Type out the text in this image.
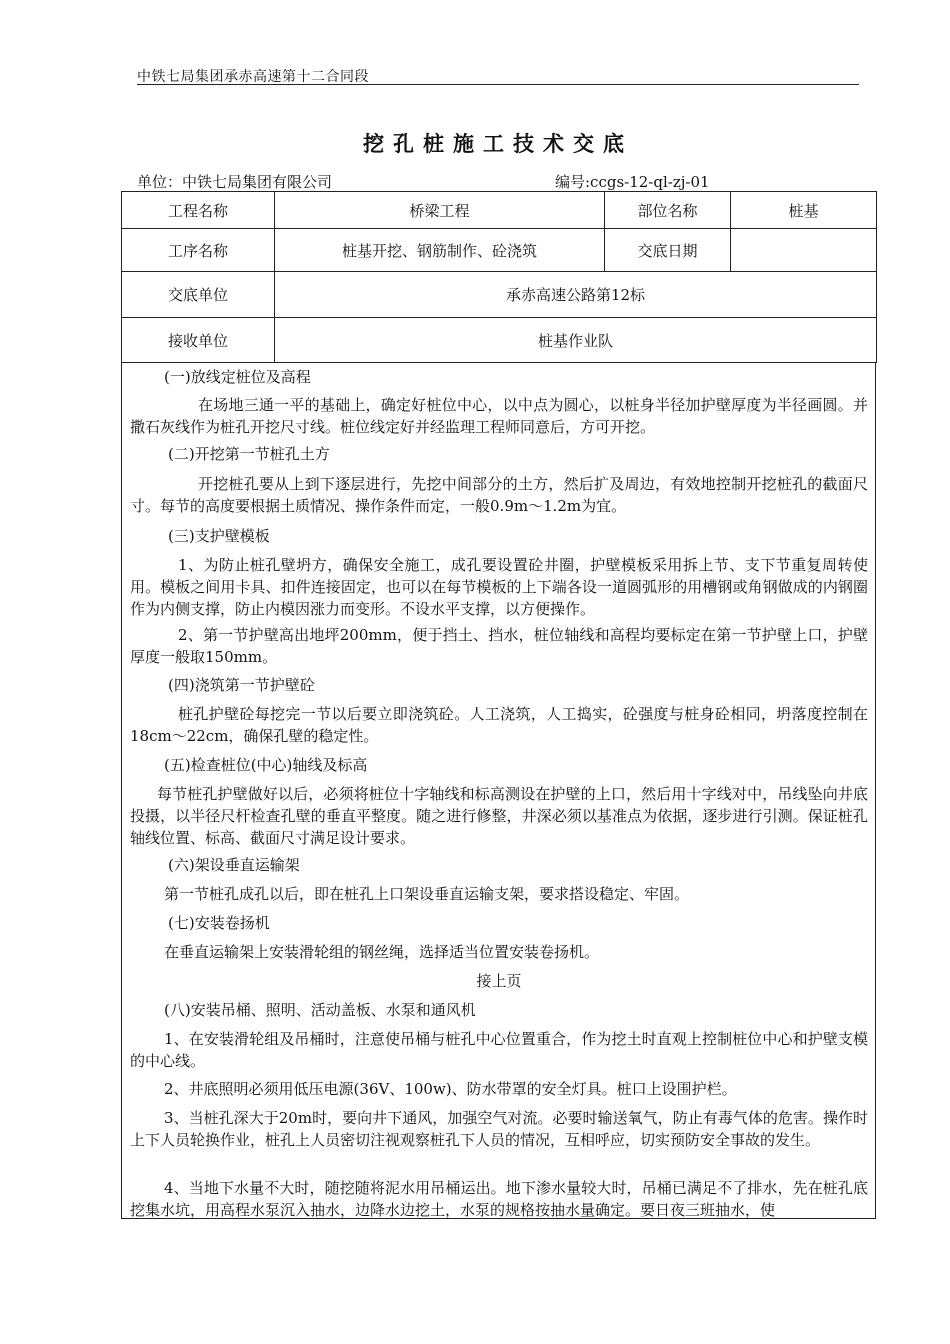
中铁七局集团承赤高速第十二合同段
挖孔桩施工技术交底
单位：中铁七局集团有限公司	编号:ccgs-12-ql-zj-01
工程名称	桥梁工程	部位名称	桩基
工序名称	桩基开挖、钢筋制作、砼浇筑	交底日期	
交底单位	承赤高速公路第12标		
接收单位	桩基作业队		

(一)放线定桩位及高程

在场地三通一平的基础上，确定好桩位中心，以中点为圆心，以桩身半径加护壁厚度为半径画圆。并撒石灰线作为桩孔开挖尺寸线。桩位线定好并经监理工程师同意后，方可开挖。

(二)开挖第一节桩孔土方

开挖桩孔要从上到下逐层进行，先挖中间部分的土方，然后扩及周边，有效地控制开挖桩孔的截面尺寸。每节的高度要根据土质情况、操作条件而定，一般0.9m～1.2m为宜。

(三)支护壁模板

1、为防止桩孔壁坍方，确保安全施工，成孔要设置砼井圈，护壁模板采用拆上节、支下节重复周转使用。模板之间用卡具、扣件连接固定，也可以在每节模板的上下端各设一道圆弧形的用槽钢或角钢做成的内钢圈作为内侧支撑，防止内模因涨力而变形。不设水平支撑，以方便操作。

2、第一节护壁高出地坪200mm，便于挡土、挡水，桩位轴线和高程均要标定在第一节护壁上口，护壁厚度一般取150mm。

(四)浇筑第一节护壁砼

桩孔护壁砼每挖完一节以后要立即浇筑砼。人工浇筑，人工捣实，砼强度与桩身砼相同，坍落度控制在18cm～22cm，确保孔壁的稳定性。

(五)检查桩位(中心)轴线及标高

每节桩孔护壁做好以后，必须将桩位十字轴线和标高测设在护壁的上口，然后用十字线对中，吊线坠向井底投摄，以半径尺杆检查孔壁的垂直平整度。随之进行修整，井深必须以基准点为依据，逐步进行引测。保证桩孔轴线位置、标高、截面尺寸满足设计要求。

(六)架设垂直运输架

第一节桩孔成孔以后，即在桩孔上口架设垂直运输支架，要求搭设稳定、牢固。

(七)安装卷扬机

在垂直运输架上安装滑轮组的钢丝绳，选择适当位置安装卷扬机。

接上页

(八)安装吊桶、照明、活动盖板、水泵和通风机

1、在安装滑轮组及吊桶时，注意使吊桶与桩孔中心位置重合，作为挖土时直观上控制桩位中心和护壁支模的中心线。

2、井底照明必须用低压电源(36V、100w)、防水带罩的安全灯具。桩口上设围护栏。

3、当桩孔深大于20m时，要向井下通风，加强空气对流。必要时输送氧气，防止有毒气体的危害。操作时上下人员轮换作业，桩孔上人员密切注视观察桩孔下人员的情况，互相呼应，切实预防安全事故的发生。

4、当地下水量不大时，随挖随将泥水用吊桶运出。地下渗水量较大时，吊桶已满足不了排水，先在桩孔底挖集水坑，用高程水泵沉入抽水，边降水边挖土，水泵的规格按抽水量确定。要日夜三班抽水，使
